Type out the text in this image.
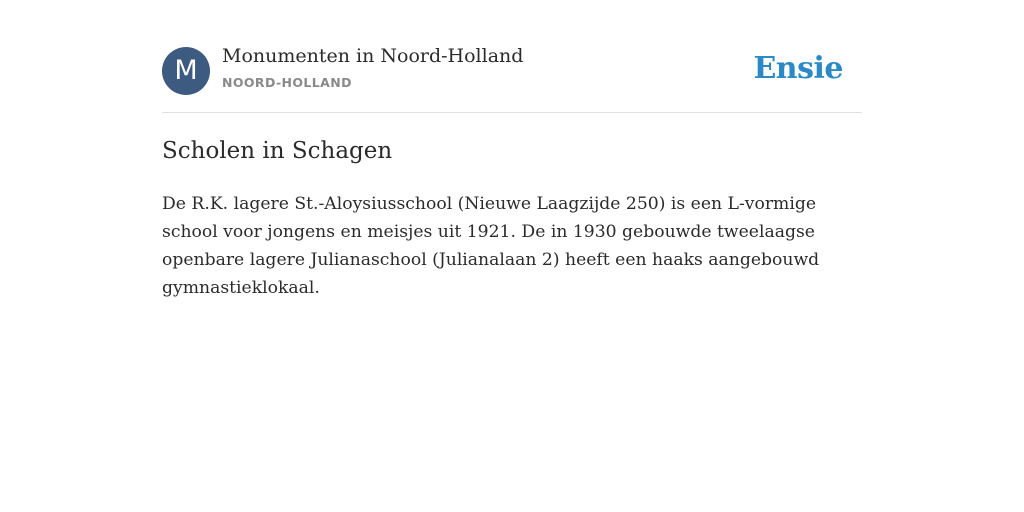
M	Monumenten in Noord-Holland
NOORD-HOLLAND	Ensie
Scholen in Schagen

De R.K. lagere St.-Aloysiusschool (Nieuwe Laagzijde 250) is een L-vormige school voor jongens en meisjes uit 1921. De in 1930 gebouwde tweelaagse openbare lagere Julianaschool (Julianalaan 2) heeft een haaks aangebouwd gymnastieklokaal.
